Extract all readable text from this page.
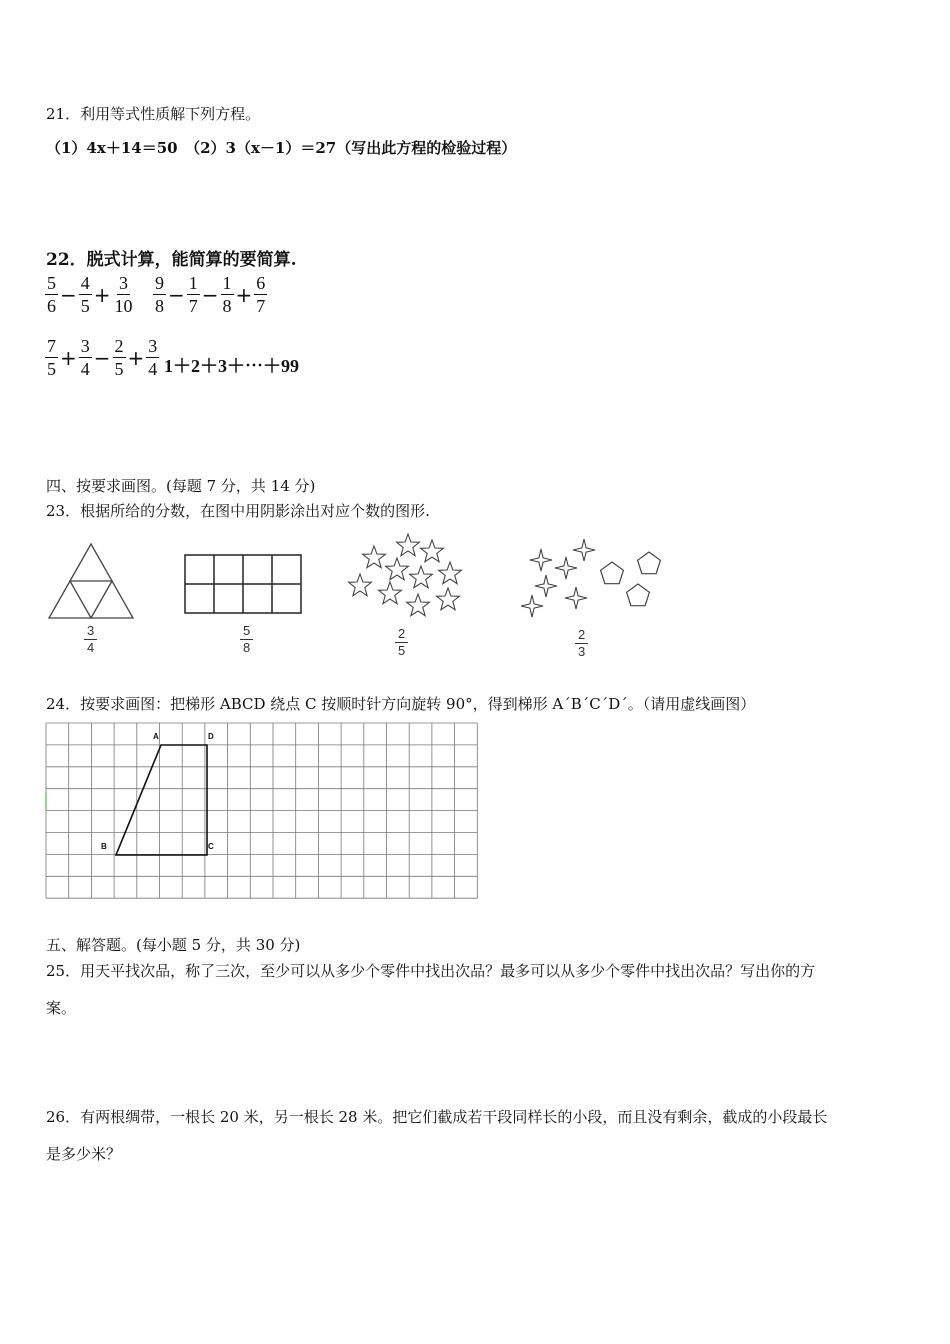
21．利用等式性质解下列方程。
（1）4x＋14＝50　（2）3（x－1）＝27（写出此方程的检验过程）
22．脱式计算，能简算的要简算.
$\frac{5}{6} - \frac{4}{5} + \frac{3}{10} \frac{9}{8} - \frac{1}{7} - \frac{1}{8} + \frac{6}{7}$
$\frac{7}{5} + \frac{3}{4} - \frac{2}{5} + \frac{3}{4}$ 1＋2＋3＋⋯＋99
四、按要求画图。(每题 7 分，共 14 分)
23．根据所给的分数，在图中用阴影涂出对应个数的图形.
3
4
5
8
2
5
2
3
24．按要求画图：把梯形 ABCD 绕点 C 按顺时针方向旋转 90°，得到梯形 A´B´C´D´。（请用虚线画图）
A	D
B	C
五、解答题。(每小题 5 分，共 30 分)
25．用天平找次品，称了三次，至少可以从多少个零件中找出次品？最多可以从多少个零件中找出次品？写出你的方
案。
26．有两根绸带，一根长 20 米，另一根长 28 米。把它们截成若干段同样长的小段，而且没有剩余，截成的小段最长
是多少米？
